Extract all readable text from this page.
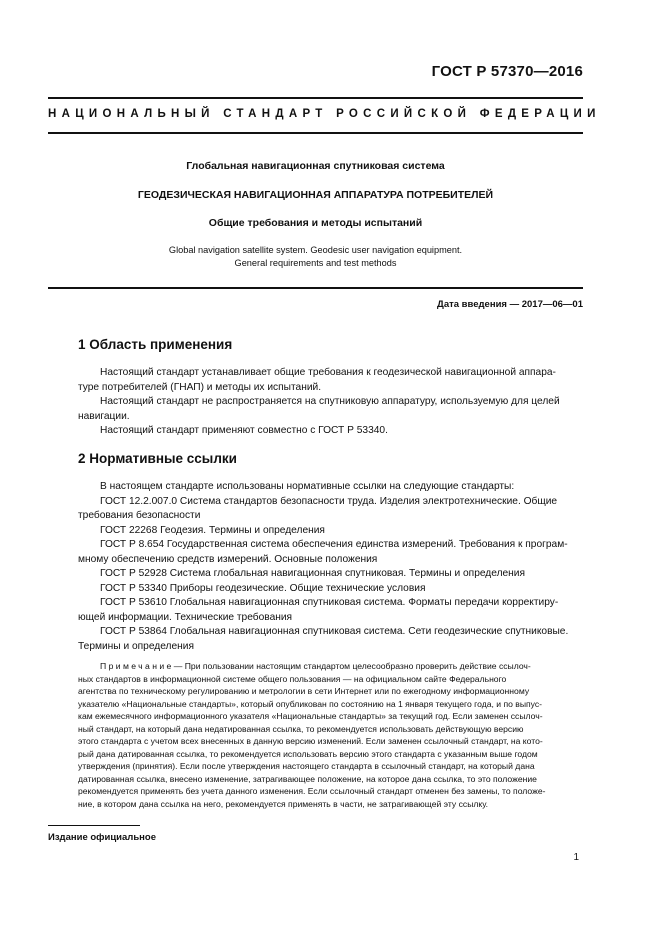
ГОСТ Р 57370—2016
НАЦИОНАЛЬНЫЙ СТАНДАРТ РОССИЙСКОЙ ФЕДЕРАЦИИ
Глобальная навигационная спутниковая система
ГЕОДЕЗИЧЕСКАЯ НАВИГАЦИОННАЯ АППАРАТУРА ПОТРЕБИТЕЛЕЙ
Общие требования и методы испытаний
Global navigation satellite system. Geodesic user navigation equipment.
General requirements and test methods
Дата введения — 2017—06—01
1 Область применения
Настоящий стандарт устанавливает общие требования к геодезической навигационной аппара-
туре потребителей (ГНАП) и методы их испытаний.
Настоящий стандарт не распространяется на спутниковую аппаратуру, используемую для целей
навигации.
Настоящий стандарт применяют совместно с ГОСТ Р 53340.
2 Нормативные ссылки
В настоящем стандарте использованы нормативные ссылки на следующие стандарты:
ГОСТ 12.2.007.0 Система стандартов безопасности труда. Изделия электротехнические. Общие
требования безопасности
ГОСТ 22268 Геодезия. Термины и определения
ГОСТ Р 8.654 Государственная система обеспечения единства измерений. Требования к програм-
мному обеспечению средств измерений. Основные положения
ГОСТ Р 52928 Система глобальная навигационная спутниковая. Термины и определения
ГОСТ Р 53340 Приборы геодезические. Общие технические условия
ГОСТ Р 53610 Глобальная навигационная спутниковая система. Форматы передачи корректиру-
ющей информации. Технические требования
ГОСТ Р 53864 Глобальная навигационная спутниковая система. Сети геодезические спутниковые.
Термины и определения
Примечание— При пользовании настоящим стандартом целесообразно проверить действие ссылоч-
ных стандартов в информационной системе общего пользования — на официальном сайте Федерального
агентства по техническому регулированию и метрологии в сети Интернет или по ежегодному информационному
указателю «Национальные стандарты», который опубликован по состоянию на 1 января текущего года, и по выпус-
кам ежемесячного информационного указателя «Национальные стандарты» за текущий год. Если заменен ссылоч-
ный стандарт, на который дана недатированная ссылка, то рекомендуется использовать действующую версию
этого стандарта с учетом всех внесенных в данную версию изменений. Если заменен ссылочный стандарт, на кото-
рый дана датированная ссылка, то рекомендуется использовать версию этого стандарта с указанным выше годом
утверждения (принятия). Если после утверждения настоящего стандарта в ссылочный стандарт, на который дана
датированная ссылка, внесено изменение, затрагивающее положение, на которое дана ссылка, то это положение
рекомендуется применять без учета данного изменения. Если ссылочный стандарт отменен без замены, то положе-
ние, в котором дана ссылка на него, рекомендуется применять в части, не затрагивающей эту ссылку.
Издание официальное
1
